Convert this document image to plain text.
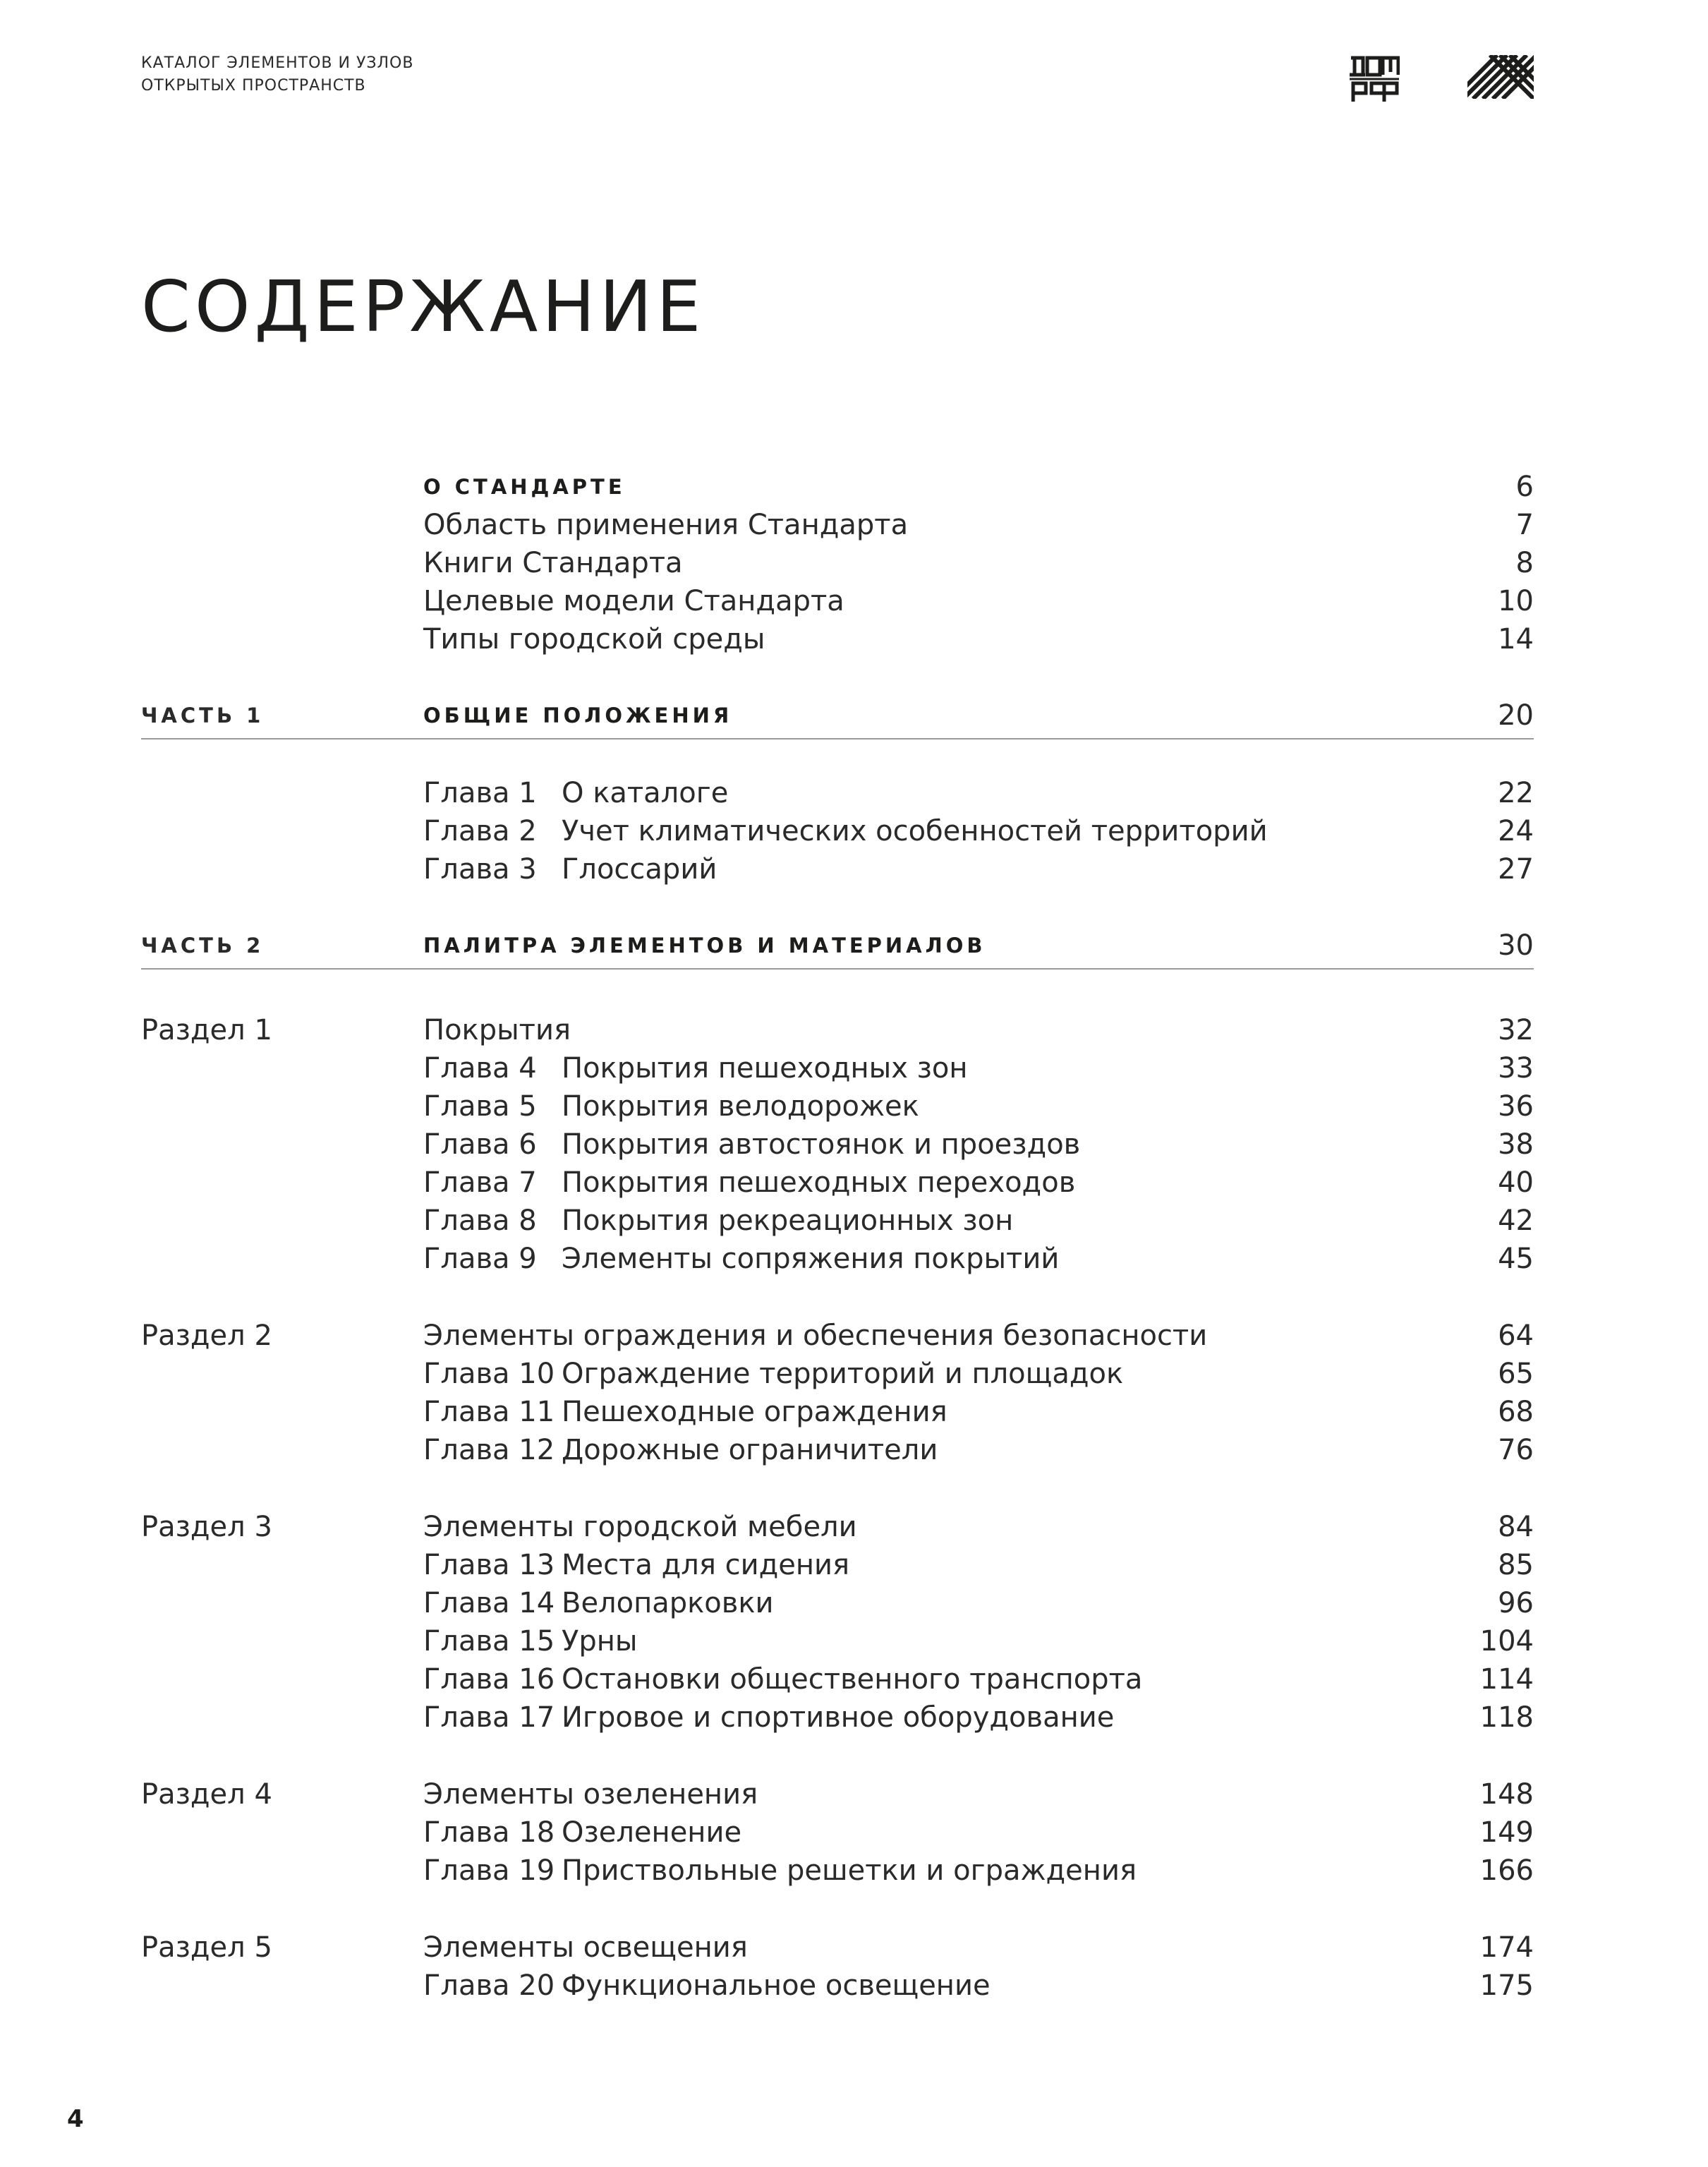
КАТАЛОГ ЭЛЕМЕНТОВ И УЗЛОВ
ОТКРЫТЫХ ПРОСТРАНСТВ
СОДЕРЖАНИЕ
О СТАНДАРТЕ	6
Область применения Стандарта	7
Книги Стандарта	8
Целевые модели Стандарта	10
Типы городской среды	14
ЧАСТЬ 1	ОБЩИЕ ПОЛОЖЕНИЯ	20
Глава 1 О каталоге	22
Глава 2 Учет климатических особенностей территорий	24
Глава 3 Глоссарий	27
ЧАСТЬ 2	ПАЛИТРА ЭЛЕМЕНТОВ И МАТЕРИАЛОВ	30
Раздел 1	Покрытия	32
Глава 4 Покрытия пешеходных зон	33
Глава 5 Покрытия велодорожек	36
Глава 6 Покрытия автостоянок и проездов	38
Глава 7 Покрытия пешеходных переходов	40
Глава 8 Покрытия рекреационных зон	42
Глава 9 Элементы сопряжения покрытий	45
Раздел 2	Элементы ограждения и обеспечения безопасности	64
Глава 10 Ограждение территорий и площадок	65
Глава 11 Пешеходные ограждения	68
Глава 12 Дорожные ограничители	76
Раздел 3	Элементы городской мебели	84
Глава 13 Места для сидения	85
Глава 14 Велопарковки	96
Глава 15 Урны	104
Глава 16 Остановки общественного транспорта	114
Глава 17 Игровое и спортивное оборудование	118
Раздел 4	Элементы озеленения	148
Глава 18 Озеленение	149
Глава 19 Приствольные решетки и ограждения	166
Раздел 5	Элементы освещения	174
Глава 20 Функциональное освещение	175
4
